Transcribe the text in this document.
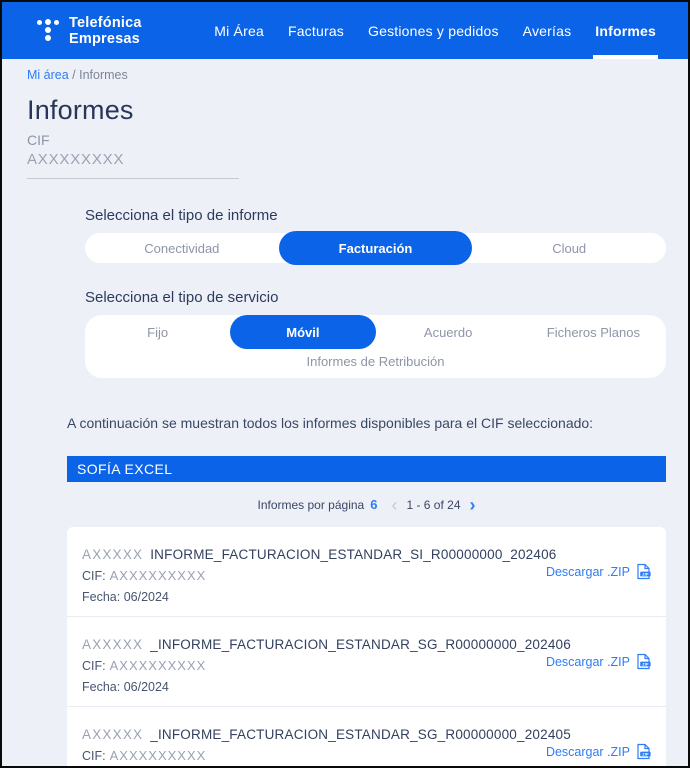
Telefónica Empresas	Mi Área	Facturas	Gestiones y pedidos	Averías	Informes
Mi área / Informes
Informes
CIF
AXXXXXXXX
Selecciona el tipo de informe
Conectividad	Facturación	Cloud
Selecciona el tipo de servicio
Fijo	Móvil	Acuerdo	Ficheros Planos
Informes de Retribución
A continuación se muestran todos los informes disponibles para el CIF seleccionado:
SOFÍA EXCEL
Informes por página 6 ‹ 1 - 6 of 24 ›
AXXXXX INFORME_FACTURACION_ESTANDAR_SI_R00000000_202406
CIF: AXXXXXXXXX
Fecha: 06/2024
Descargar .ZIP	ZIP
AXXXXX _INFORME_FACTURACION_ESTANDAR_SG_R00000000_202406
CIF: AXXXXXXXXX
Fecha: 06/2024
Descargar .ZIP	ZIP
AXXXXX _INFORME_FACTURACION_ESTANDAR_SG_R00000000_202405
CIF: AXXXXXXXXX	Descargar .ZIP	ZIP
